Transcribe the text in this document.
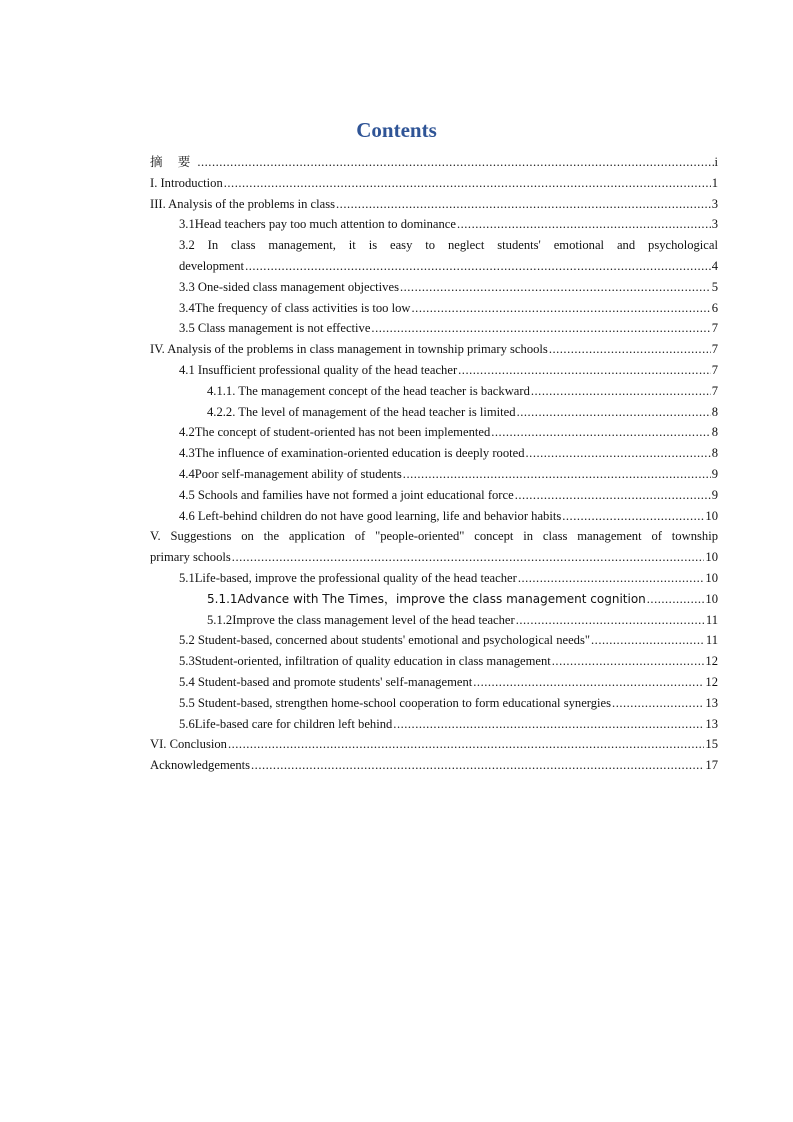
Contents
摘 要 .....	i
I. Introduction .....	1
III. Analysis of the problems in class .....	3
3.1Head teachers pay too much attention to dominance .....	3
3.2 In class management, it is easy to neglect students' emotional and psychological
development .....	4
3.3 One-sided class management objectives .....	5
3.4The frequency of class activities is too low .....	6
3.5 Class management is not effective .....	7
IV. Analysis of the problems in class management in township primary schools .....	7
4.1 Insufficient professional quality of the head teacher .....	7
4.1.1. The management concept of the head teacher is backward .....	7
4.2.2. The level of management of the head teacher is limited .....	8
4.2The concept of student-oriented has not been implemented .....	8
4.3The influence of examination-oriented education is deeply rooted .....	8
4.4Poor self-management ability of students .....	9
4.5 Schools and families have not formed a joint educational force .....	9
4.6 Left-behind children do not have good learning, life and behavior habits .....	10
V. Suggestions on the application of "people-oriented" concept in class management of township
primary schools .....	10
5.1Life-based, improve the professional quality of the head teacher .....	10
5.1.1Advance with The Times，improve the class management cognition .....	10
5.1.2Improve the class management level of the head teacher .....	11
5.2 Student-based, concerned about students' emotional and psychological needs" .....	11
5.3Student-oriented, infiltration of quality education in class management .....	12
5.4 Student-based and promote students' self-management .....	12
5.5 Student-based, strengthen home-school cooperation to form educational synergies .....	13
5.6Life-based care for children left behind .....	13
VI. Conclusion .....	15
Acknowledgements .....	17
